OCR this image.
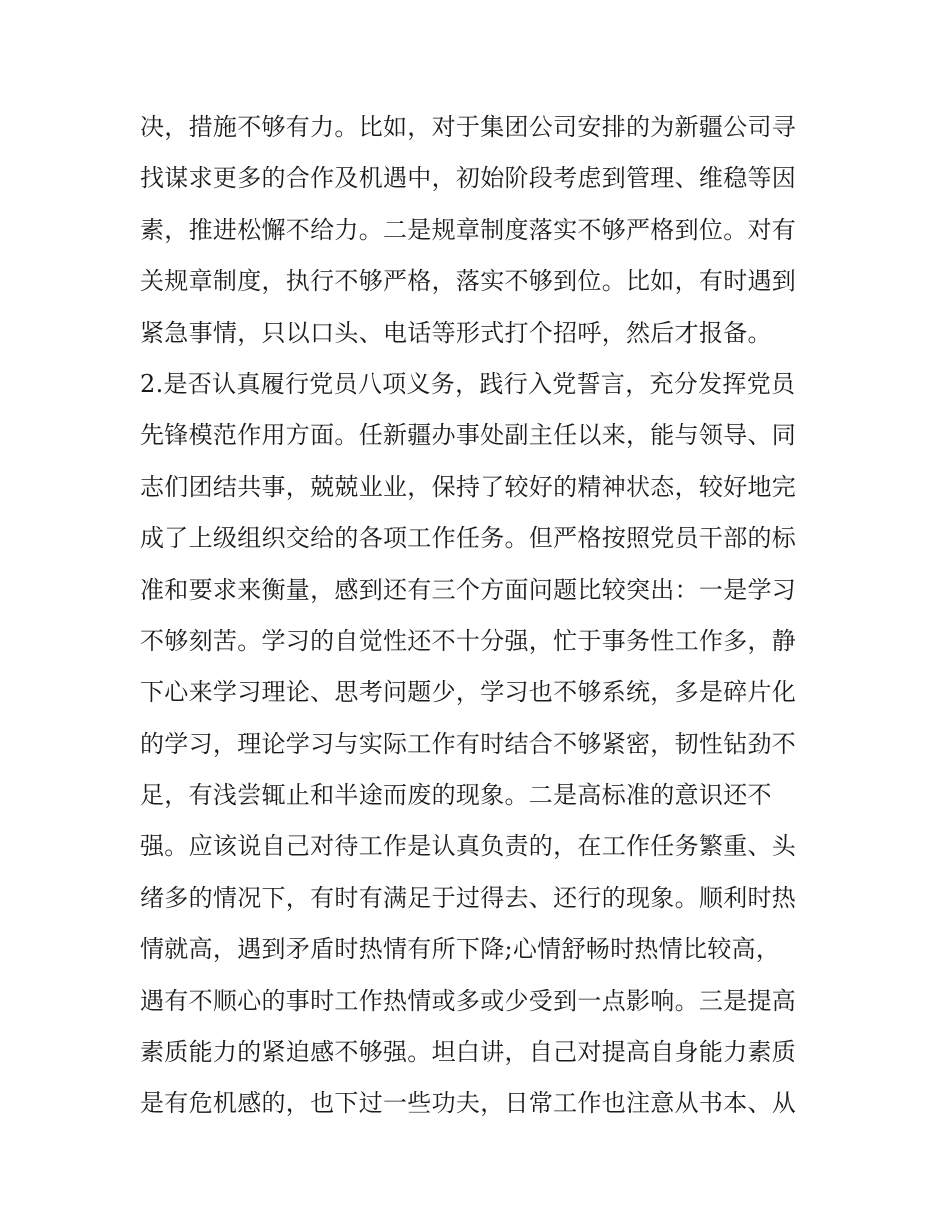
决，措施不够有力。比如，对于集团公司安排的为新疆公司寻
找谋求更多的合作及机遇中，初始阶段考虑到管理、维稳等因
素，推进松懈不给力。二是规章制度落实不够严格到位。对有
关规章制度，执行不够严格，落实不够到位。比如，有时遇到
紧急事情，只以口头、电话等形式打个招呼，然后才报备。
2.是否认真履行党员八项义务，践行入党誓言，充分发挥党员
先锋模范作用方面。任新疆办事处副主任以来，能与领导、同
志们团结共事，兢兢业业，保持了较好的精神状态，较好地完
成了上级组织交给的各项工作任务。但严格按照党员干部的标
准和要求来衡量，感到还有三个方面问题比较突出：一是学习
不够刻苦。学习的自觉性还不十分强，忙于事务性工作多，静
下心来学习理论、思考问题少，学习也不够系统，多是碎片化
的学习，理论学习与实际工作有时结合不够紧密，韧性钻劲不
足，有浅尝辄止和半途而废的现象。二是高标准的意识还不
强。应该说自己对待工作是认真负责的，在工作任务繁重、头
绪多的情况下，有时有满足于过得去、还行的现象。顺利时热
情就高，遇到矛盾时热情有所下降;心情舒畅时热情比较高，
遇有不顺心的事时工作热情或多或少受到一点影响。三是提高
素质能力的紧迫感不够强。坦白讲，自己对提高自身能力素质
是有危机感的，也下过一些功夫，日常工作也注意从书本、从
